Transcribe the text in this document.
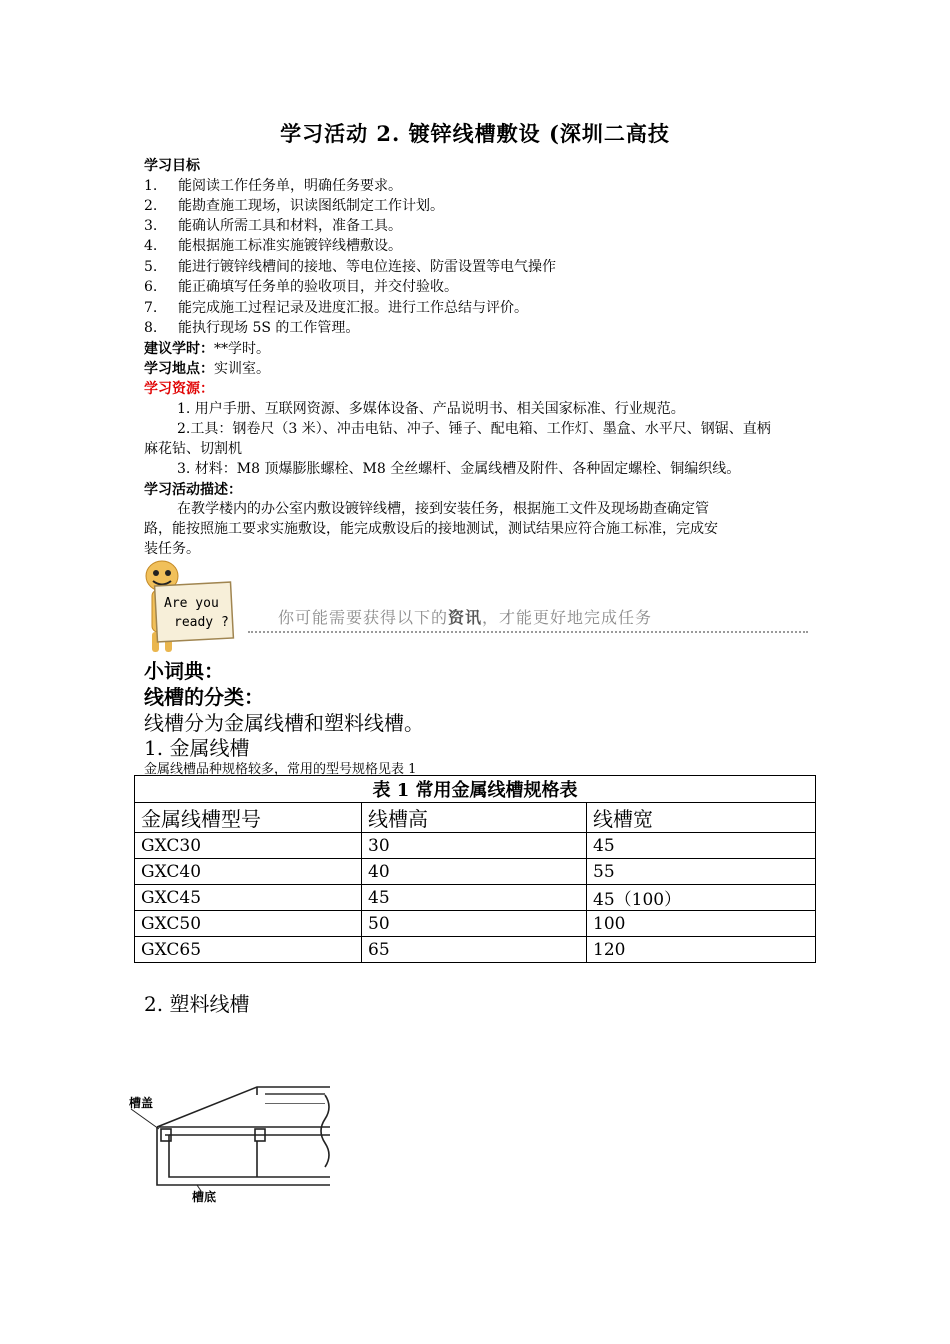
学习活动 2. 镀锌线槽敷设 (深圳二高技
学习目标
1. 能阅读工作任务单，明确任务要求。
2. 能勘查施工现场，识读图纸制定工作计划。
3. 能确认所需工具和材料，准备工具。
4. 能根据施工标准实施镀锌线槽敷设。
5. 能进行镀锌线槽间的接地、等电位连接、防雷设置等电气操作
6. 能正确填写任务单的验收项目，并交付验收。
7. 能完成施工过程记录及进度汇报。进行工作总结与评价。
8. 能执行现场 5S 的工作管理。
建议学时：**学时。
学习地点：实训室。
学习资源：
1. 用户手册、互联网资源、多媒体设备、产品说明书、相关国家标准、行业规范。
2.工具：钢卷尺（3 米）、冲击电钻、冲子、锤子、配电箱、工作灯、墨盒、水平尺、钢锯、直柄
麻花钻、切割机
3. 材料：M8 顶爆膨胀螺栓、M8 全丝螺杆、金属线槽及附件、各种固定螺栓、铜编织线。
学习活动描述：
在教学楼内的办公室内敷设镀锌线槽，接到安装任务，根据施工文件及现场勘查确定管
路，能按照施工要求实施敷设，能完成敷设后的接地测试，测试结果应符合施工标准，完成安
装任务。
Are you
ready ?	你可能需要获得以下的资讯，才能更好地完成任务
小词典：
线槽的分类：
线槽分为金属线槽和塑料线槽。
1. 金属线槽
金属线槽品种规格较多，常用的型号规格见表 1
表 1 常用金属线槽规格表		
金属线槽型号	线槽高	线槽宽
GXC30	30	45
GXC40	40	55
GXC45	45	45（100）
GXC50	50	100
GXC65	65	120
2. 塑料线槽
槽盖
槽底
